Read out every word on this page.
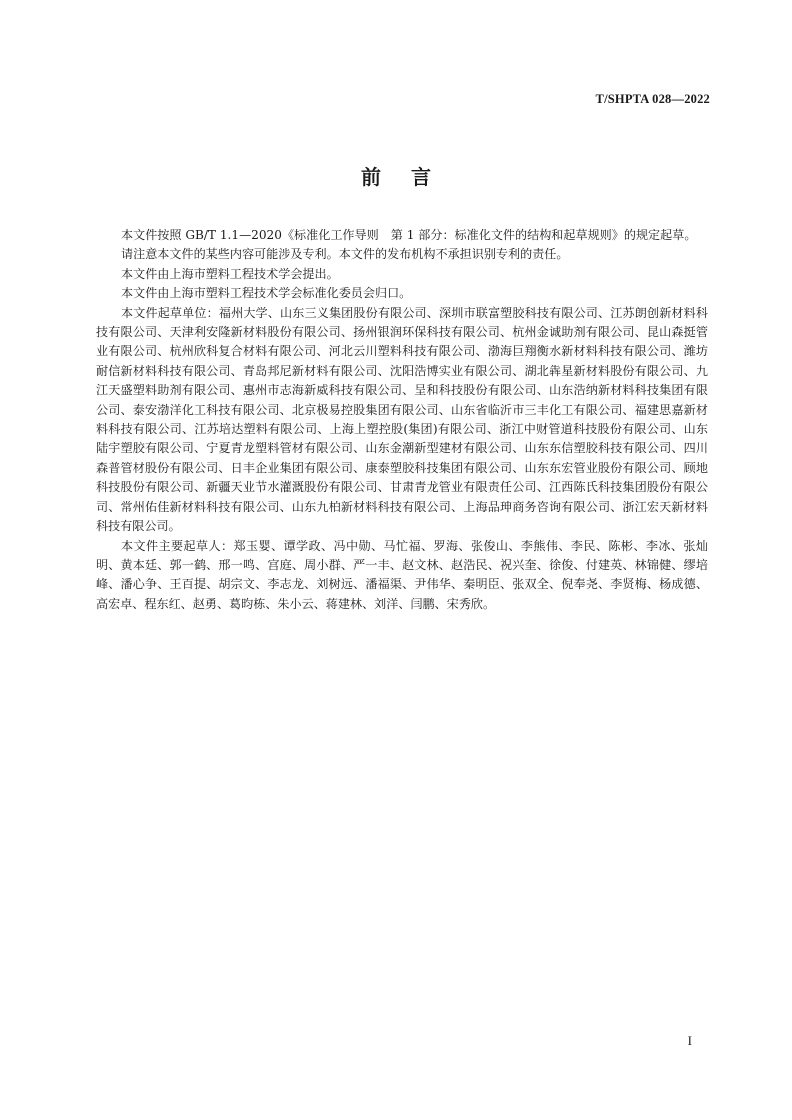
T/SHPTA 028—2022
前言

本文件按照 GB/T 1.1—2020《标准化工作导则　第 1 部分：标准化文件的结构和起草规则》的规定起草。

请注意本文件的某些内容可能涉及专利。本文件的发布机构不承担识别专利的责任。

本文件由上海市塑料工程技术学会提出。

本文件由上海市塑料工程技术学会标准化委员会归口。

本文件起草单位：福州大学、山东三义集团股份有限公司、深圳市联富塑胶科技有限公司、江苏朗创新材料科技有限公司、天津利安隆新材料股份有限公司、扬州银润环保科技有限公司、杭州金诚助剂有限公司、昆山森挺管业有限公司、杭州欣科复合材料有限公司、河北云川塑料科技有限公司、渤海巨翔衡水新材料科技有限公司、潍坊耐信新材料科技有限公司、青岛邦尼新材料有限公司、沈阳浩博实业有限公司、湖北犇星新材料股份有限公司、九江天盛塑料助剂有限公司、惠州市志海新威科技有限公司、呈和科技股份有限公司、山东浩纳新材料科技集团有限公司、泰安渤洋化工科技有限公司、北京极易控股集团有限公司、山东省临沂市三丰化工有限公司、福建思嘉新材料科技有限公司、江苏培达塑料有限公司、上海上塑控股(集团)有限公司、浙江中财管道科技股份有限公司、山东陆宇塑胶有限公司、宁夏青龙塑料管材有限公司、山东金潮新型建材有限公司、山东东信塑胶科技有限公司、四川森普管材股份有限公司、日丰企业集团有限公司、康泰塑胶科技集团有限公司、山东东宏管业股份有限公司、顾地科技股份有限公司、新疆天业节水灌溉股份有限公司、甘肃青龙管业有限责任公司、江西陈氏科技集团股份有限公司、常州佑佳新材料科技有限公司、山东九柏新材料科技有限公司、上海品珅商务咨询有限公司、浙江宏天新材料科技有限公司。

本文件主要起草人：郑玉婴、谭学政、冯中勋、马忙福、罗海、张俊山、李熊伟、李民、陈彬、李冰、张灿明、黄本廷、郭一鹤、邢一鸣、宫庭、周小群、严一丰、赵文林、赵浩民、祝兴奎、徐俊、付建英、林锦健、缪培峰、潘心争、王百提、胡宗文、李志龙、刘树远、潘福渠、尹伟华、秦明臣、张双全、倪奉尧、李贤梅、杨成德、高宏卓、程东红、赵勇、葛昀栋、朱小云、蒋建林、刘洋、闫鹏、宋秀欣。

I
